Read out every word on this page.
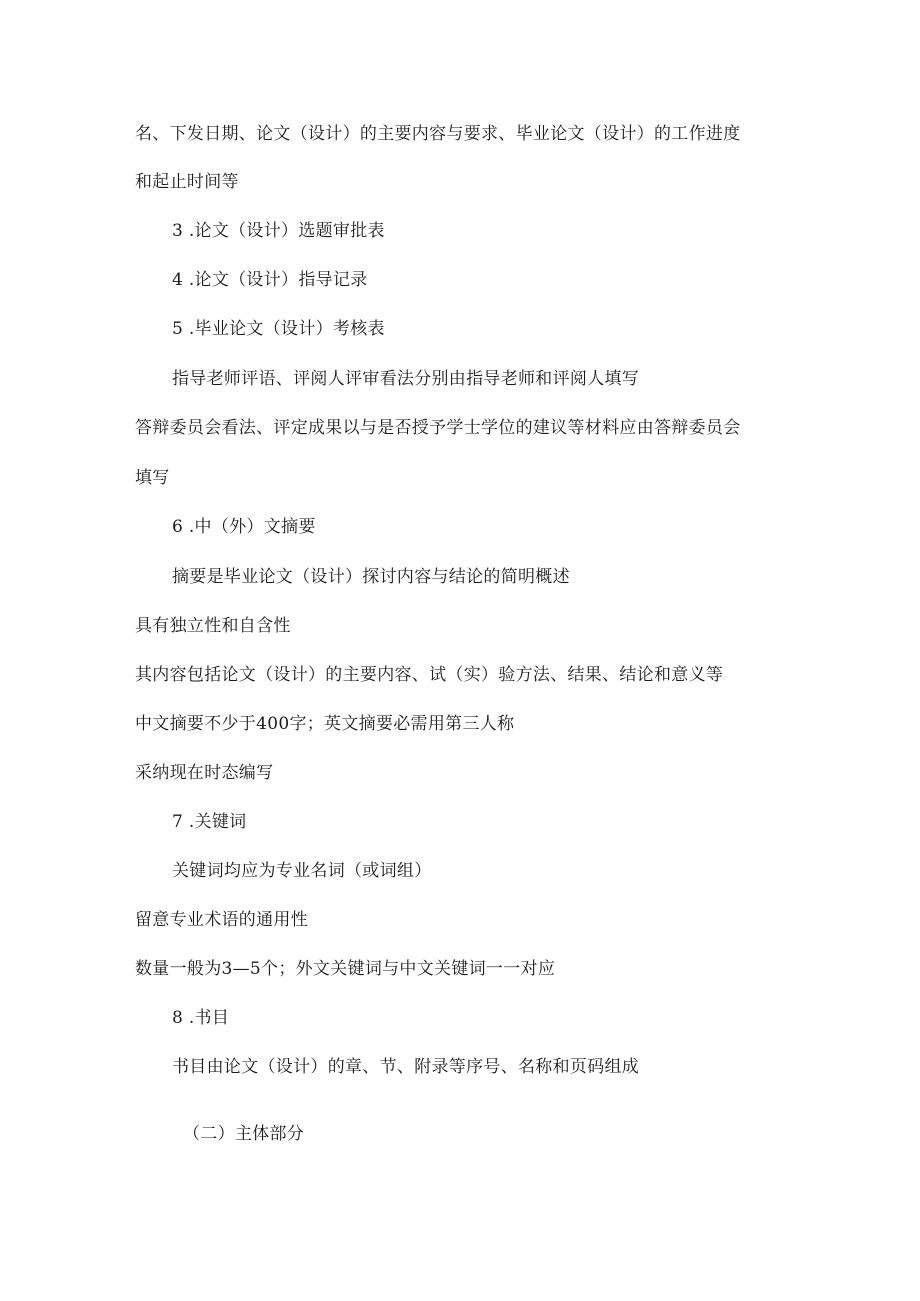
名、下发日期、论文（设计）的主要内容与要求、毕业论文（设计）的工作进度
和起止时间等
3 .论文（设计）选题审批表
4 .论文（设计）指导记录
5 .毕业论文（设计）考核表
指导老师评语、评阅人评审看法分别由指导老师和评阅人填写
答辩委员会看法、评定成果以与是否授予学士学位的建议等材料应由答辩委员会
填写
6 .中（外）文摘要
摘要是毕业论文（设计）探讨内容与结论的简明概述
具有独立性和自含性
其内容包括论文（设计）的主要内容、试（实）验方法、结果、结论和意义等
中文摘要不少于400字；英文摘要必需用第三人称
采纳现在时态编写
7 .关键词
关键词均应为专业名词（或词组）
留意专业术语的通用性
数量一般为3—5个；外文关键词与中文关键词一一对应
8 .书目
书目由论文（设计）的章、节、附录等序号、名称和页码组成
（二）主体部分
